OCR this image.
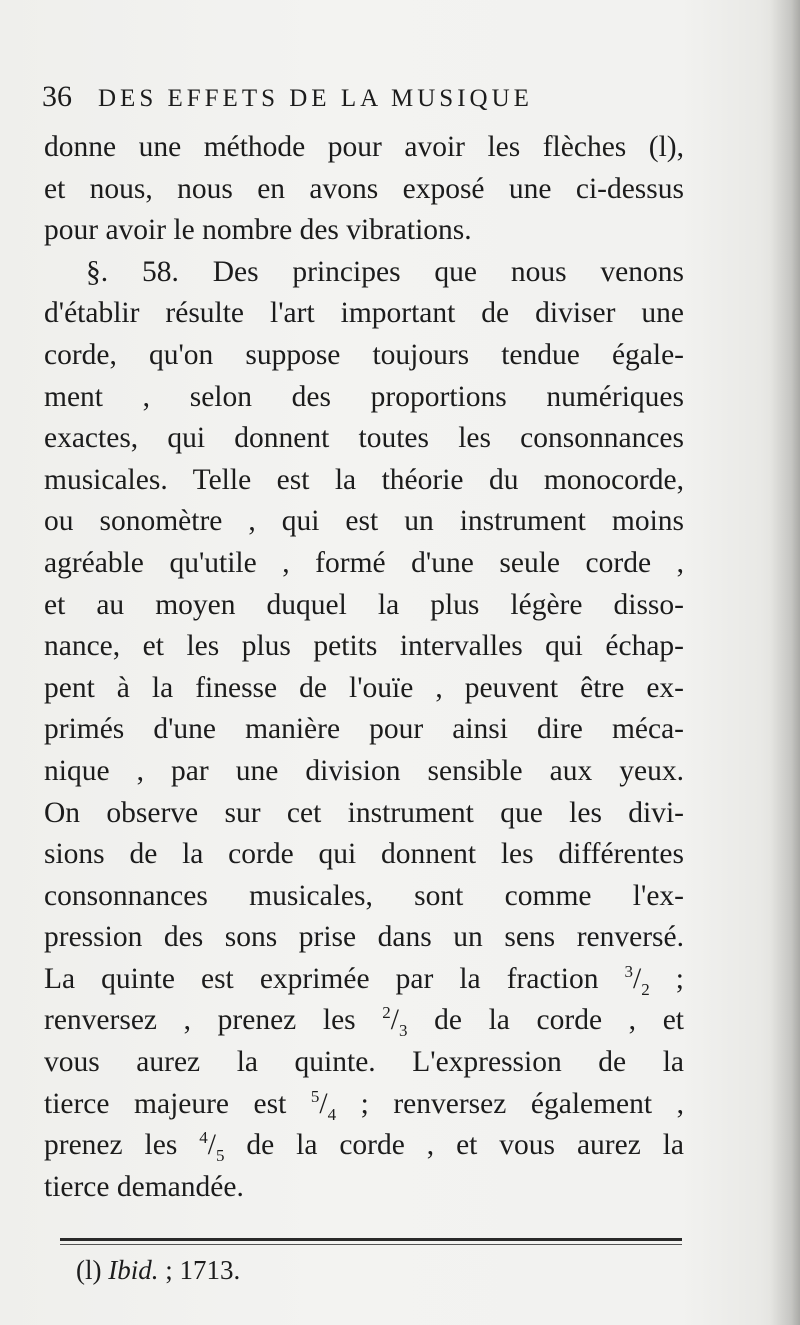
36 DES EFFETS DE LA MUSIQUE
donne une méthode pour avoir les flèches (l),
et nous, nous en avons exposé une ci-dessus
pour avoir le nombre des vibrations.
§. 58. Des principes que nous venons
d'établir résulte l'art important de diviser une
corde, qu'on suppose toujours tendue égale-
ment , selon des proportions numériques
exactes, qui donnent toutes les consonnances
musicales. Telle est la théorie du monocorde,
ou sonomètre , qui est un instrument moins
agréable qu'utile , formé d'une seule corde ,
et au moyen duquel la plus légère disso-
nance, et les plus petits intervalles qui échap-
pent à la finesse de l'ouïe , peuvent être ex-
primés d'une manière pour ainsi dire méca-
nique , par une division sensible aux yeux.
On observe sur cet instrument que les divi-
sions de la corde qui donnent les différentes
consonnances musicales, sont comme l'ex-
pression des sons prise dans un sens renversé.
La quinte est exprimée par la fraction $^3/_2$ ;
renversez , prenez les $^2/_3$ de la corde , et
vous aurez la quinte. L'expression de la
tierce majeure est $^5/_4$ ; renversez également ,
prenez les $^4/_5$ de la corde , et vous aurez la
tierce demandée.
(l) Ibid. ; 1713.
